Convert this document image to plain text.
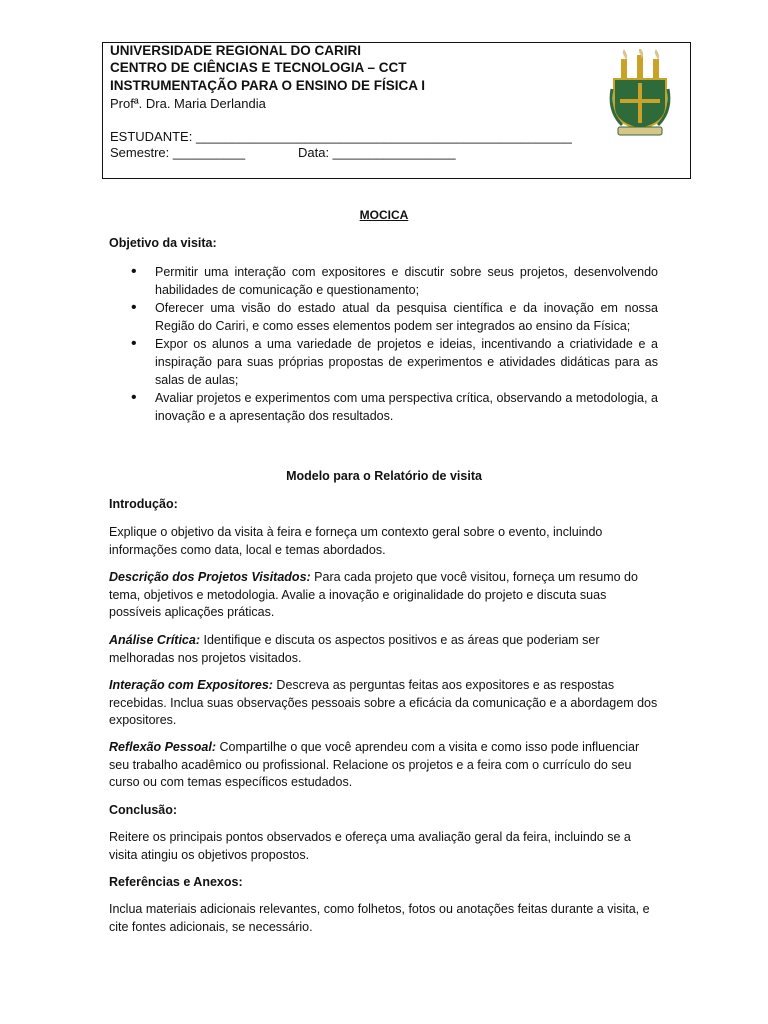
UNIVERSIDADE REGIONAL DO CARIRI
CENTRO DE CIÊNCIAS E TECNOLOGIA – CCT
INSTRUMENTAÇÃO PARA O ENSINO DE FÍSICA I
Profª. Dra. Maria Derlandia
ESTUDANTE: ____________________________________________________
Semestre: __________	Data: _________________
MOCICA
Objetivo da visita:
• Permitir uma interação com expositores e discutir sobre seus projetos, desenvolvendo habilidades de comunicação e questionamento;
• Oferecer uma visão do estado atual da pesquisa científica e da inovação em nossa Região do Cariri, e como esses elementos podem ser integrados ao ensino da Física;
• Expor os alunos a uma variedade de projetos e ideias, incentivando a criatividade e a inspiração para suas próprias propostas de experimentos e atividades didáticas para as salas de aulas;
• Avaliar projetos e experimentos com uma perspectiva crítica, observando a metodologia, a inovação e a apresentação dos resultados.
Modelo para o Relatório de visita
Introdução:
Explique o objetivo da visita à feira e forneça um contexto geral sobre o evento, incluindo informações como data, local e temas abordados.
Descrição dos Projetos Visitados: Para cada projeto que você visitou, forneça um resumo do tema, objetivos e metodologia. Avalie a inovação e originalidade do projeto e discuta suas possíveis aplicações práticas.
Análise Crítica: Identifique e discuta os aspectos positivos e as áreas que poderiam ser melhoradas nos projetos visitados.
Interação com Expositores: Descreva as perguntas feitas aos expositores e as respostas recebidas. Inclua suas observações pessoais sobre a eficácia da comunicação e a abordagem dos expositores.
Reflexão Pessoal: Compartilhe o que você aprendeu com a visita e como isso pode influenciar seu trabalho acadêmico ou profissional. Relacione os projetos e a feira com o currículo do seu curso ou com temas específicos estudados.
Conclusão:
Reitere os principais pontos observados e ofereça uma avaliação geral da feira, incluindo se a visita atingiu os objetivos propostos.
Referências e Anexos:
Inclua materiais adicionais relevantes, como folhetos, fotos ou anotações feitas durante a visita, e cite fontes adicionais, se necessário.
